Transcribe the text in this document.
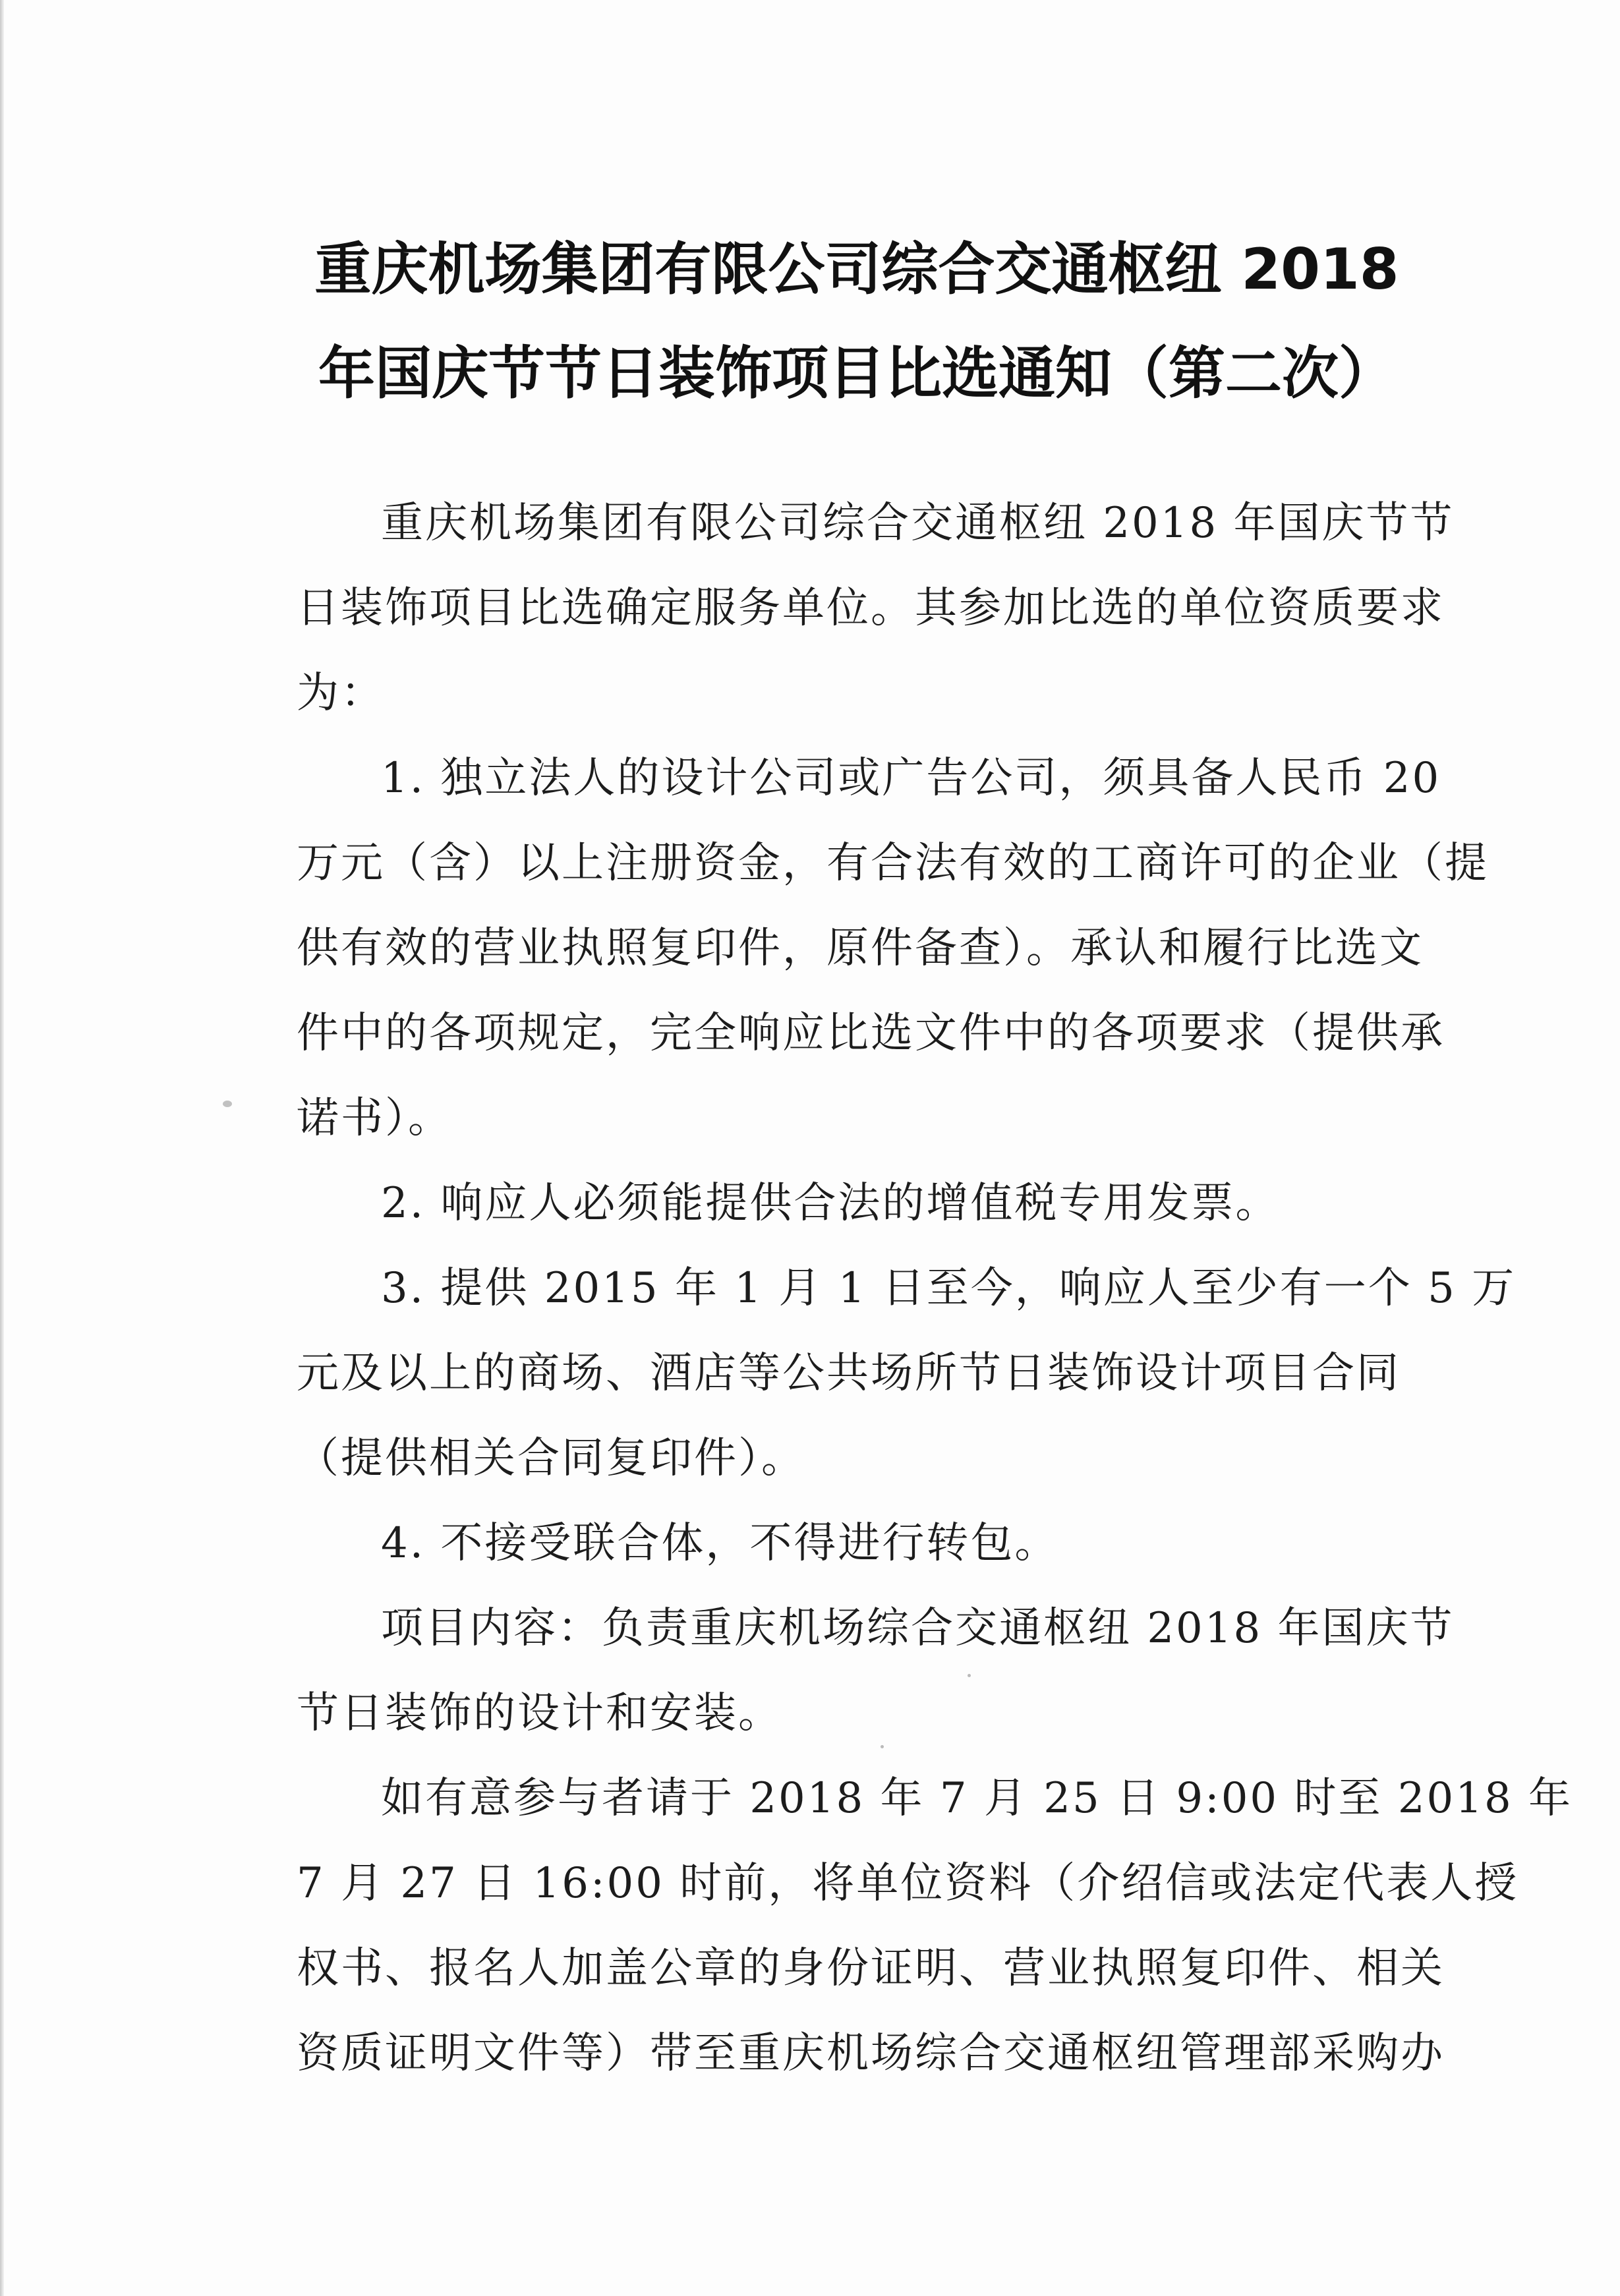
重庆机场集团有限公司综合交通枢纽 2018
年国庆节节日装饰项目比选通知（第二次）
重庆机场集团有限公司综合交通枢纽 2018 年国庆节节
日装饰项目比选确定服务单位。其参加比选的单位资质要求
为：
1. 独立法人的设计公司或广告公司，须具备人民币 20
万元（含）以上注册资金，有合法有效的工商许可的企业（提
供有效的营业执照复印件，原件备查）。承认和履行比选文
件中的各项规定，完全响应比选文件中的各项要求（提供承
诺书）。
2. 响应人必须能提供合法的增值税专用发票。
3. 提供 2015 年 1 月 1 日至今，响应人至少有一个 5 万
元及以上的商场、酒店等公共场所节日装饰设计项目合同
（提供相关合同复印件）。
4. 不接受联合体，不得进行转包。
项目内容：负责重庆机场综合交通枢纽 2018 年国庆节
节日装饰的设计和安装。
如有意参与者请于 2018 年 7 月 25 日 9:00 时至 2018 年
7 月 27 日 16:00 时前，将单位资料（介绍信或法定代表人授
权书、报名人加盖公章的身份证明、营业执照复印件、相关
资质证明文件等）带至重庆机场综合交通枢纽管理部采购办
